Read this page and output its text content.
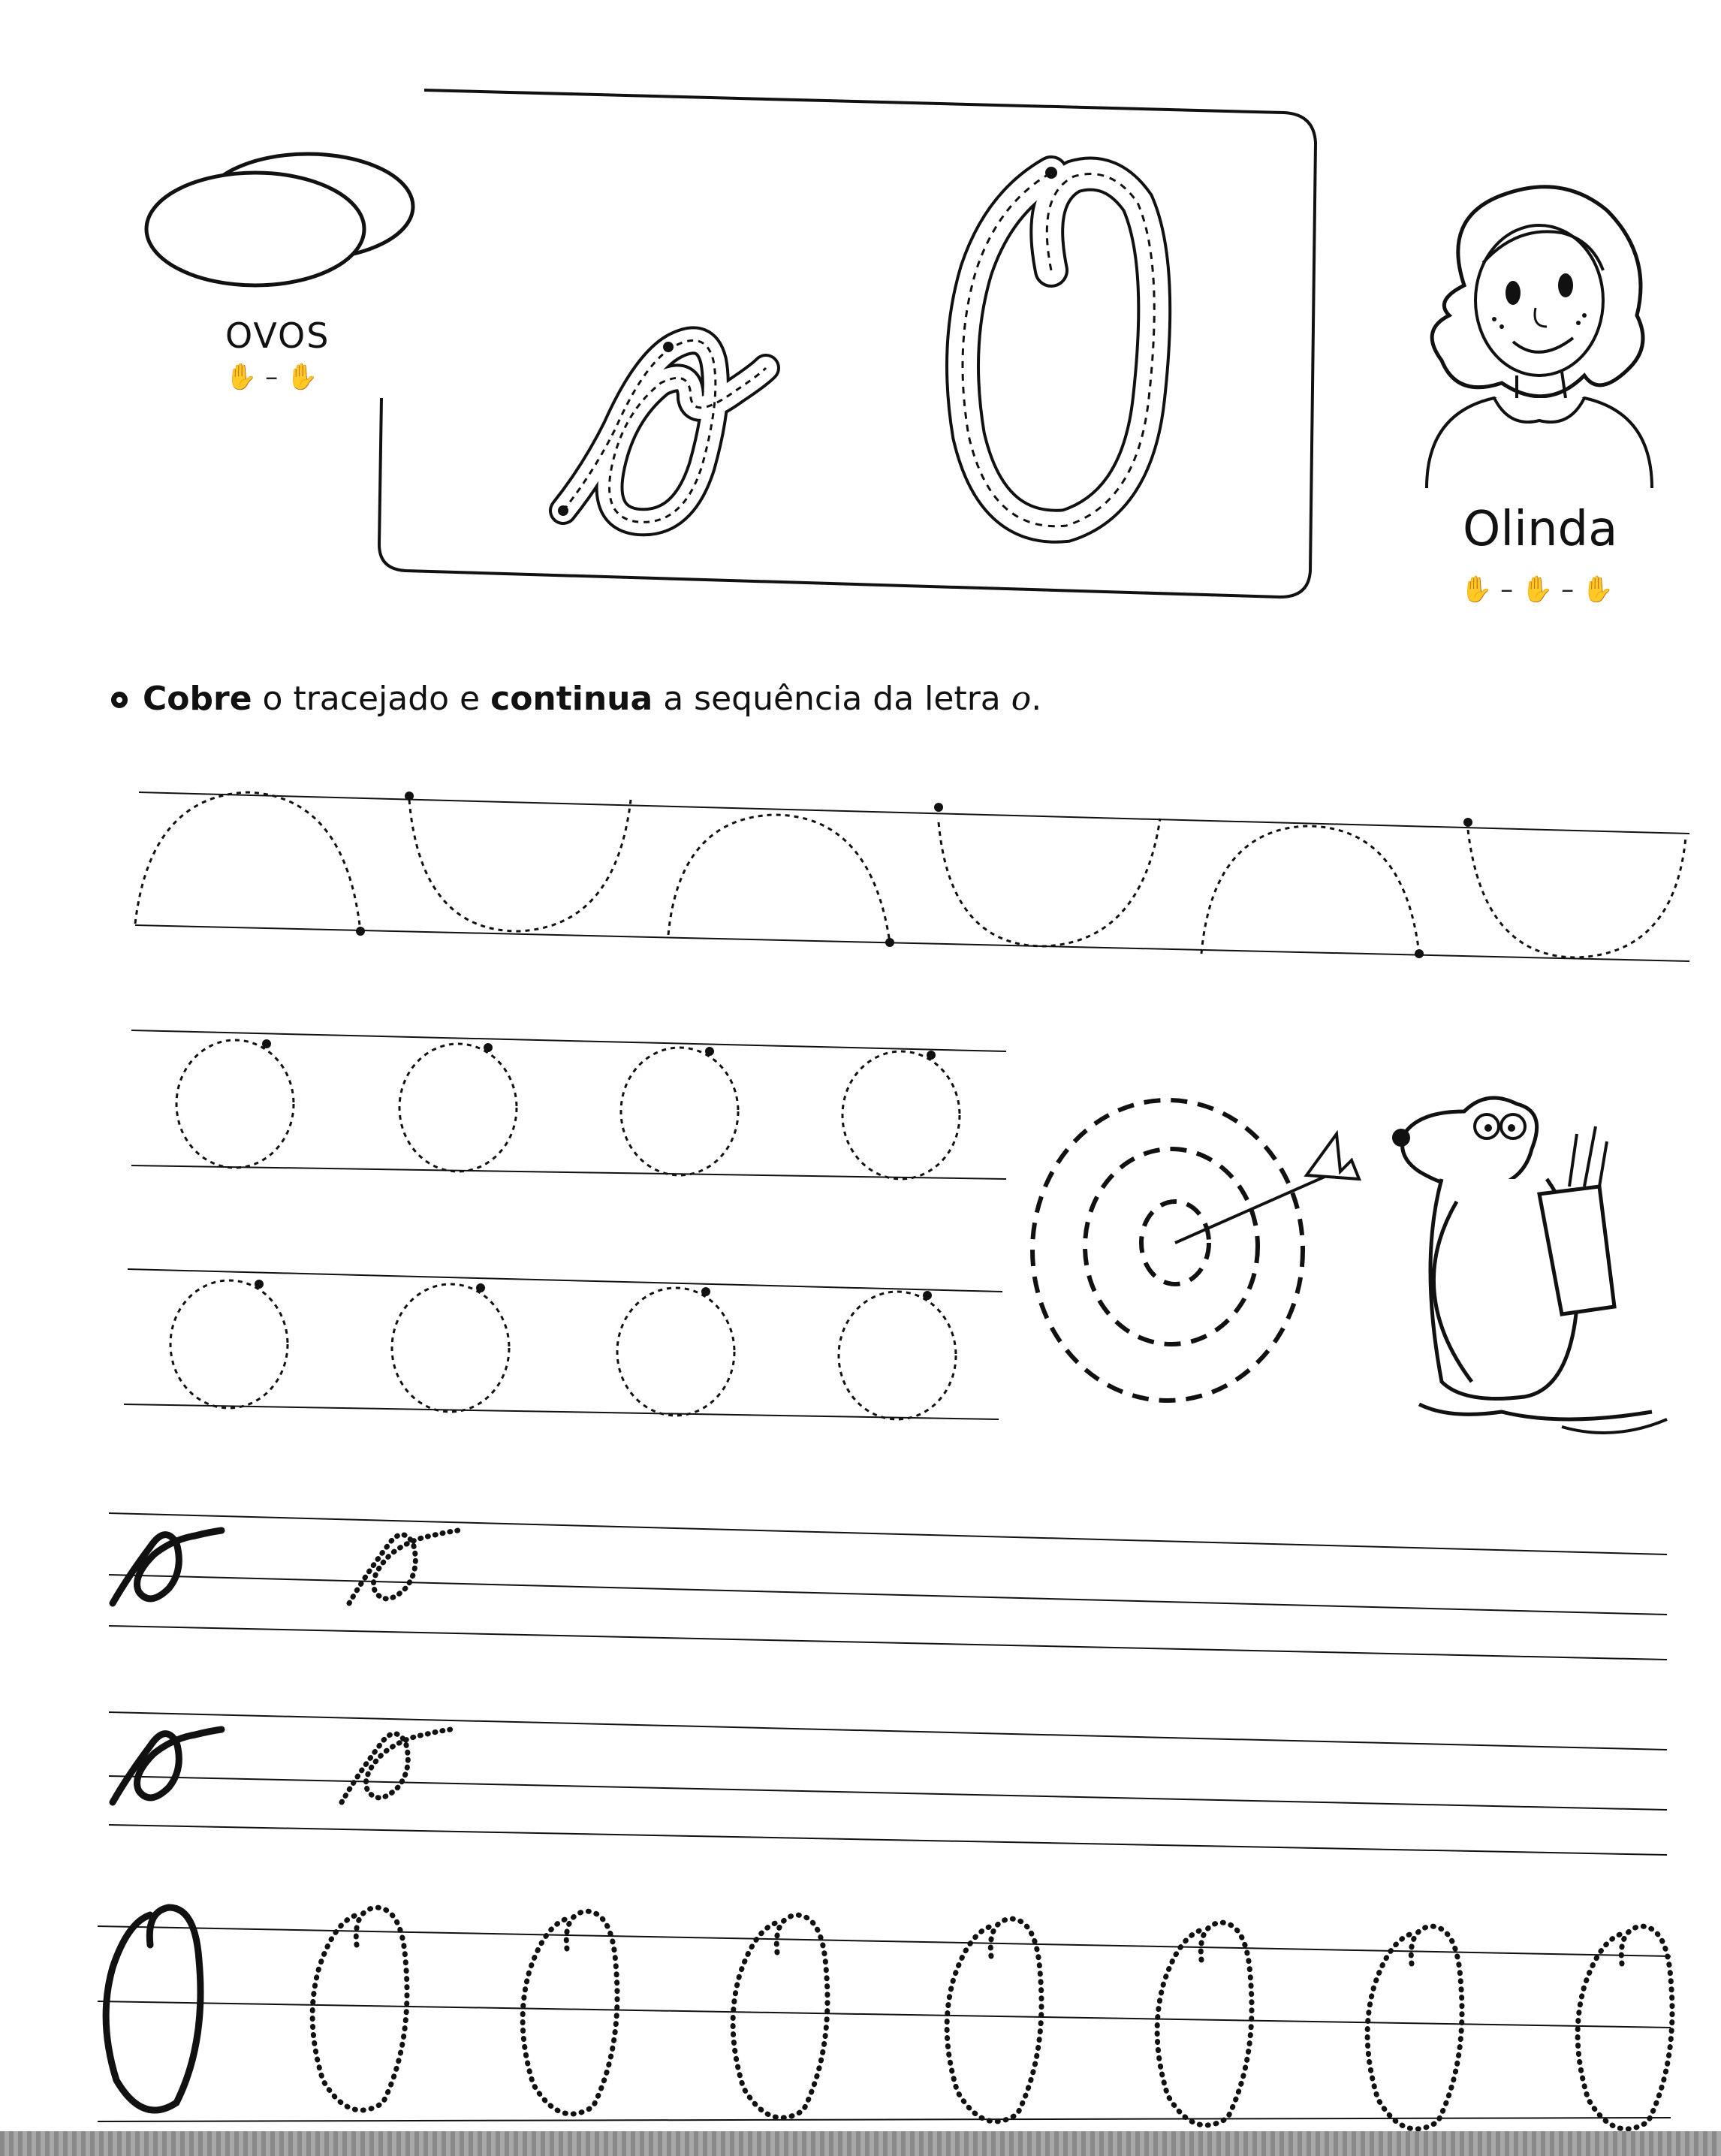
OVOS
✋ – ✋
Olinda
✋ – ✋ – ✋
Cobre o tracejado e continua a sequência da letra o.
